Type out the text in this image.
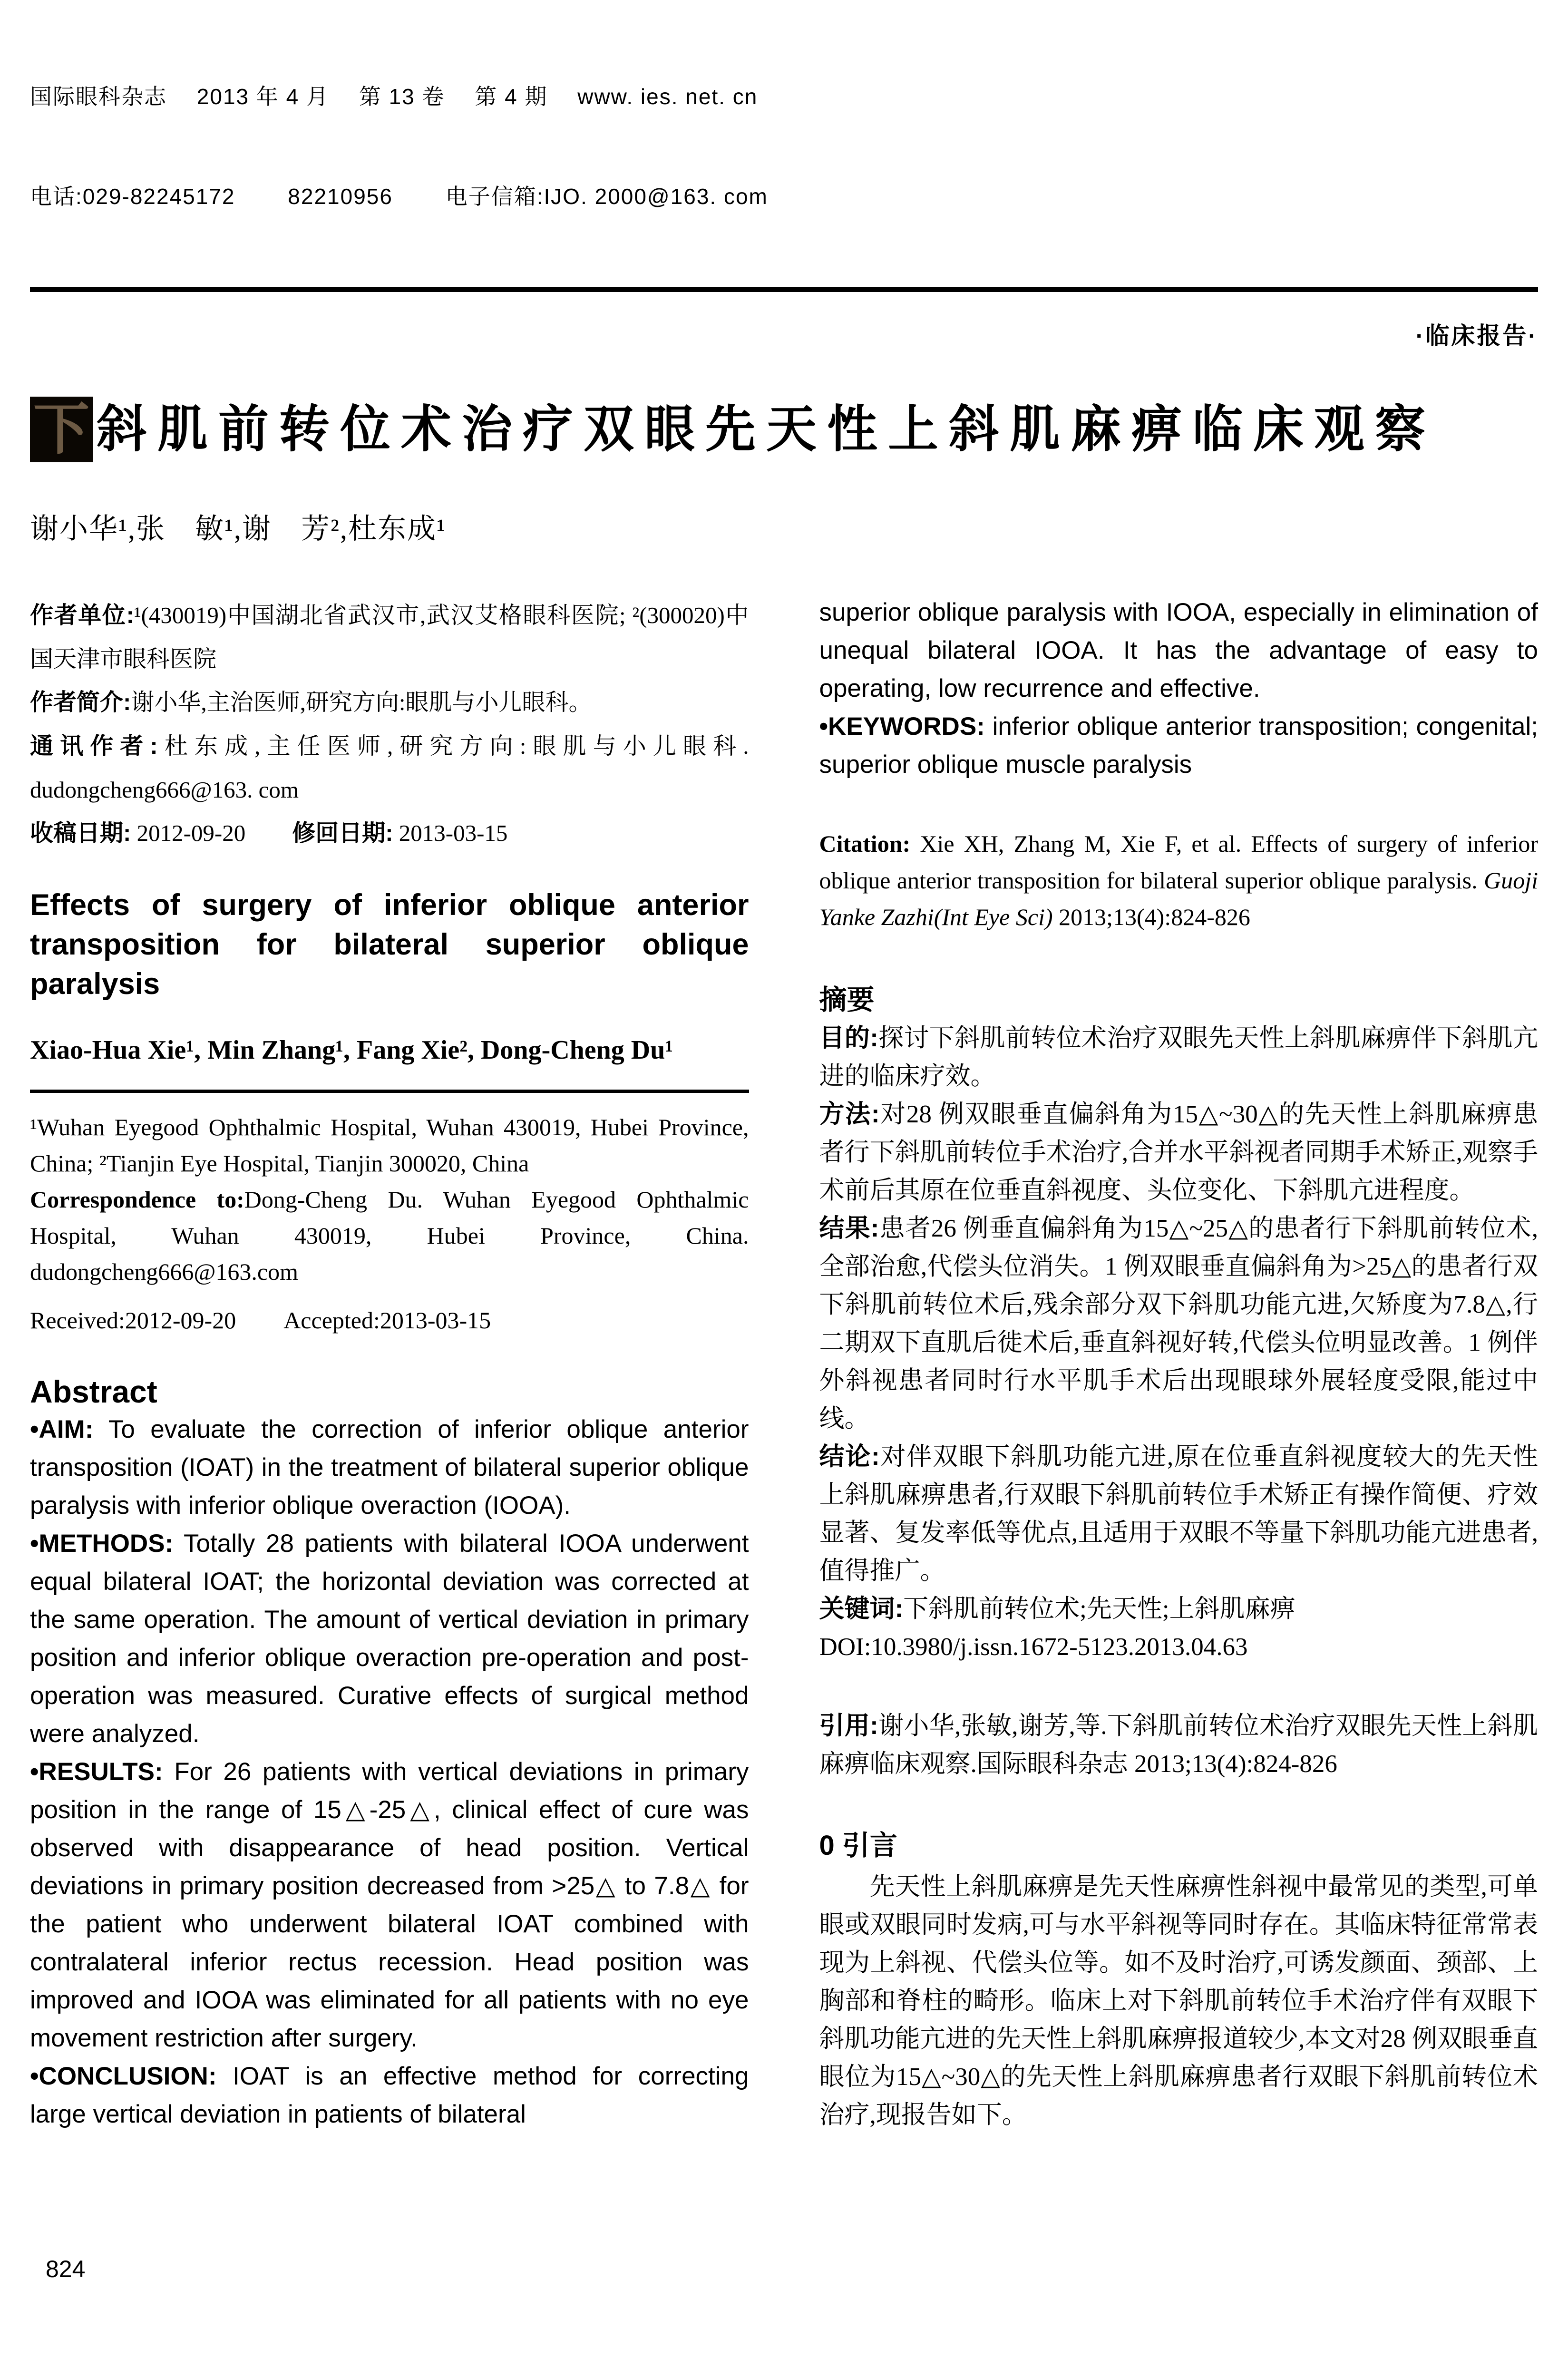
国际眼科杂志　 2013 年 4 月　 第 13 卷　 第 4 期　 www. ies. net. cn

电话:029-82245172　　 82210956　　 电子信箱:IJO. 2000@163. com

·临床报告·
下 斜肌前转位术治疗双眼先天性上斜肌麻痹临床观察
谢小华¹,张　敏¹,谢　芳²,杜东成¹

作者单位:¹(430019)中国湖北省武汉市,武汉艾格眼科医院; ²(300020)中国天津市眼科医院

作者简介:谢小华,主治医师,研究方向:眼肌与小儿眼科。

通讯作者:杜东成,主任医师,研究方向:眼肌与小儿眼科. dudongcheng666@163. com

收稿日期: 2012-09-20　　修回日期: 2013-03-15

Effects of surgery of inferior oblique anterior transposition for bilateral superior oblique paralysis
Xiao-Hua Xie¹, Min Zhang¹, Fang Xie², Dong-Cheng Du¹

¹Wuhan Eyegood Ophthalmic Hospital, Wuhan 430019, Hubei Province, China; ²Tianjin Eye Hospital, Tianjin 300020, China

Correspondence to:Dong-Cheng Du. Wuhan Eyegood Ophthalmic Hospital, Wuhan 430019, Hubei Province, China. dudongcheng666@163.com

Received:2012-09-20　　Accepted:2013-03-15

Abstract

•AIM: To evaluate the correction of inferior oblique anterior transposition (IOAT) in the treatment of bilateral superior oblique paralysis with inferior oblique overaction (IOOA).

•METHODS: Totally 28 patients with bilateral IOOA underwent equal bilateral IOAT; the horizontal deviation was corrected at the same operation. The amount of vertical deviation in primary position and inferior oblique overaction pre-operation and post-operation was measured. Curative effects of surgical method were analyzed.

•RESULTS: For 26 patients with vertical deviations in primary position in the range of 15△-25△, clinical effect of cure was observed with disappearance of head position. Vertical deviations in primary position decreased from >25△ to 7.8△ for the patient who underwent bilateral IOAT combined with contralateral inferior rectus recession. Head position was improved and IOOA was eliminated for all patients with no eye movement restriction after surgery.

•CONCLUSION: IOAT is an effective method for correcting large vertical deviation in patients of bilateral

superior oblique paralysis with IOOA, especially in elimination of unequal bilateral IOOA. It has the advantage of easy to operating, low recurrence and effective.

•KEYWORDS: inferior oblique anterior transposition; congenital; superior oblique muscle paralysis

Citation: Xie XH, Zhang M, Xie F, et al. Effects of surgery of inferior oblique anterior transposition for bilateral superior oblique paralysis. Guoji Yanke Zazhi(Int Eye Sci) 2013;13(4):824-826

摘要

目的:探讨下斜肌前转位术治疗双眼先天性上斜肌麻痹伴下斜肌亢进的临床疗效。

方法:对28 例双眼垂直偏斜角为15△~30△的先天性上斜肌麻痹患者行下斜肌前转位手术治疗,合并水平斜视者同期手术矫正,观察手术前后其原在位垂直斜视度、头位变化、下斜肌亢进程度。

结果:患者26 例垂直偏斜角为15△~25△的患者行下斜肌前转位术,全部治愈,代偿头位消失。1 例双眼垂直偏斜角为>25△的患者行双下斜肌前转位术后,残余部分双下斜肌功能亢进,欠矫度为7.8△,行二期双下直肌后徙术后,垂直斜视好转,代偿头位明显改善。1 例伴外斜视患者同时行水平肌手术后出现眼球外展轻度受限,能过中线。

结论:对伴双眼下斜肌功能亢进,原在位垂直斜视度较大的先天性上斜肌麻痹患者,行双眼下斜肌前转位手术矫正有操作简便、疗效显著、复发率低等优点,且适用于双眼不等量下斜肌功能亢进患者,值得推广。

关键词:下斜肌前转位术;先天性;上斜肌麻痹

DOI:10.3980/j.issn.1672-5123.2013.04.63

引用:谢小华,张敏,谢芳,等.下斜肌前转位术治疗双眼先天性上斜肌麻痹临床观察.国际眼科杂志 2013;13(4):824-826

0 引言

先天性上斜肌麻痹是先天性麻痹性斜视中最常见的类型,可单眼或双眼同时发病,可与水平斜视等同时存在。其临床特征常常表现为上斜视、代偿头位等。如不及时治疗,可诱发颜面、颈部、上胸部和脊柱的畸形。临床上对下斜肌前转位手术治疗伴有双眼下斜肌功能亢进的先天性上斜肌麻痹报道较少,本文对28 例双眼垂直眼位为15△~30△的先天性上斜肌麻痹患者行双眼下斜肌前转位术治疗,现报告如下。

824
